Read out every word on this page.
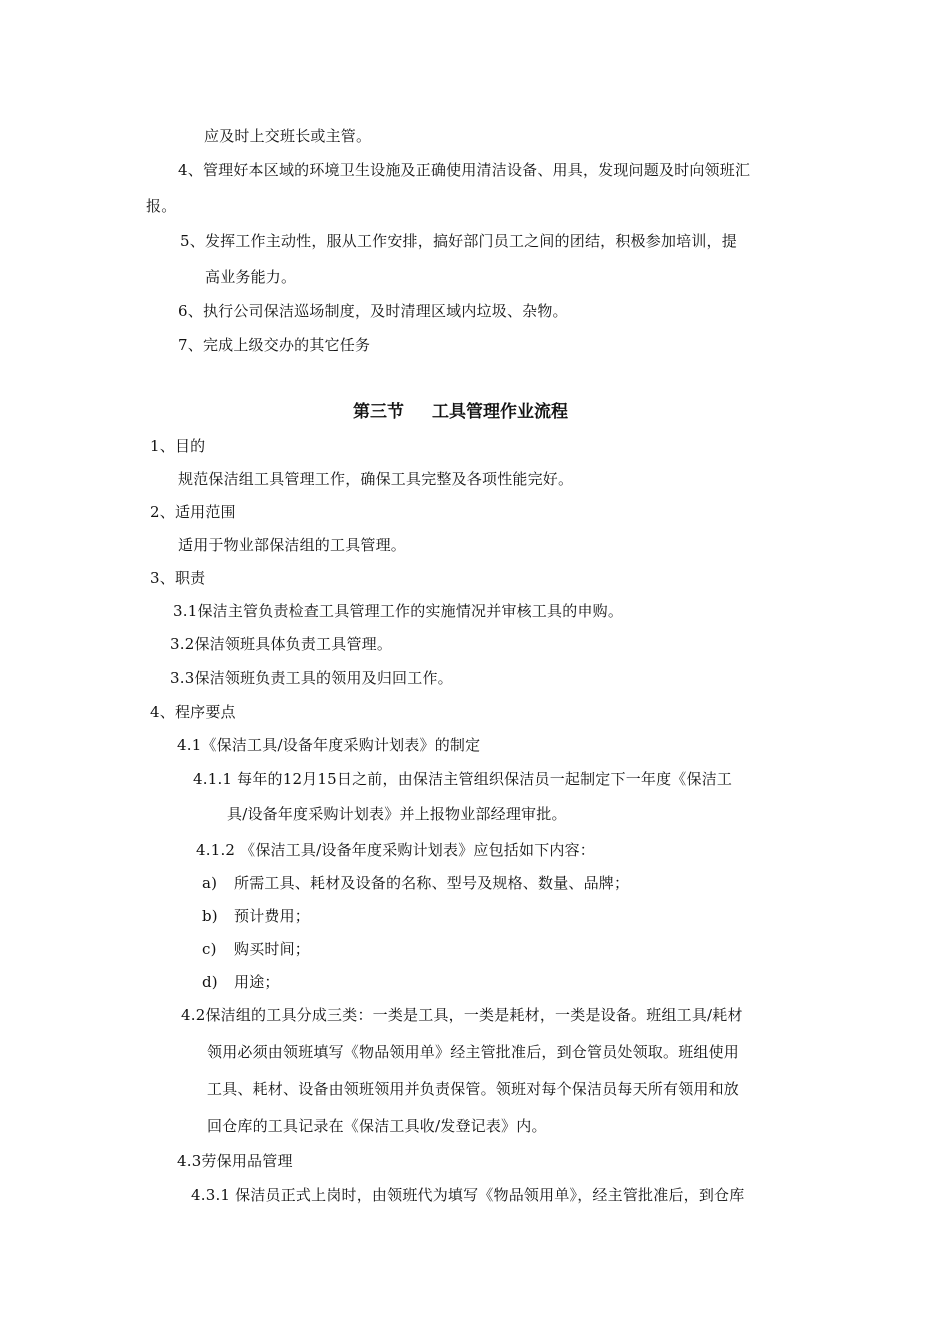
应及时上交班长或主管。
4、管理好本区域的环境卫生设施及正确使用清洁设备、用具，发现问题及时向领班汇
报。
5、发挥工作主动性，服从工作安排，搞好部门员工之间的团结，积极参加培训，提
高业务能力。
6、执行公司保洁巡场制度，及时清理区域内垃圾、杂物。
7、完成上级交办的其它任务
第三节 工具管理作业流程
1、目的
规范保洁组工具管理工作，确保工具完整及各项性能完好。
2、适用范围
适用于物业部保洁组的工具管理。
3、职责
3.1保洁主管负责检查工具管理工作的实施情况并审核工具的申购。
3.2保洁领班具体负责工具管理。
3.3保洁领班负责工具的领用及归回工作。
4、程序要点
4.1《保洁工具/设备年度采购计划表》的制定
4.1.1 每年的12月15日之前，由保洁主管组织保洁员一起制定下一年度《保洁工
具/设备年度采购计划表》并上报物业部经理审批。
4.1.2 《保洁工具/设备年度采购计划表》应包括如下内容：
a) 所需工具、耗材及设备的名称、型号及规格、数量、品牌；
b) 预计费用；
c) 购买时间；
d) 用途；
4.2保洁组的工具分成三类：一类是工具，一类是耗材，一类是设备。班组工具/耗材
领用必须由领班填写《物品领用单》经主管批准后，到仓管员处领取。班组使用
工具、耗材、设备由领班领用并负责保管。领班对每个保洁员每天所有领用和放
回仓库的工具记录在《保洁工具收/发登记表》内。
4.3劳保用品管理
4.3.1 保洁员正式上岗时，由领班代为填写《物品领用单》，经主管批准后，到仓库
